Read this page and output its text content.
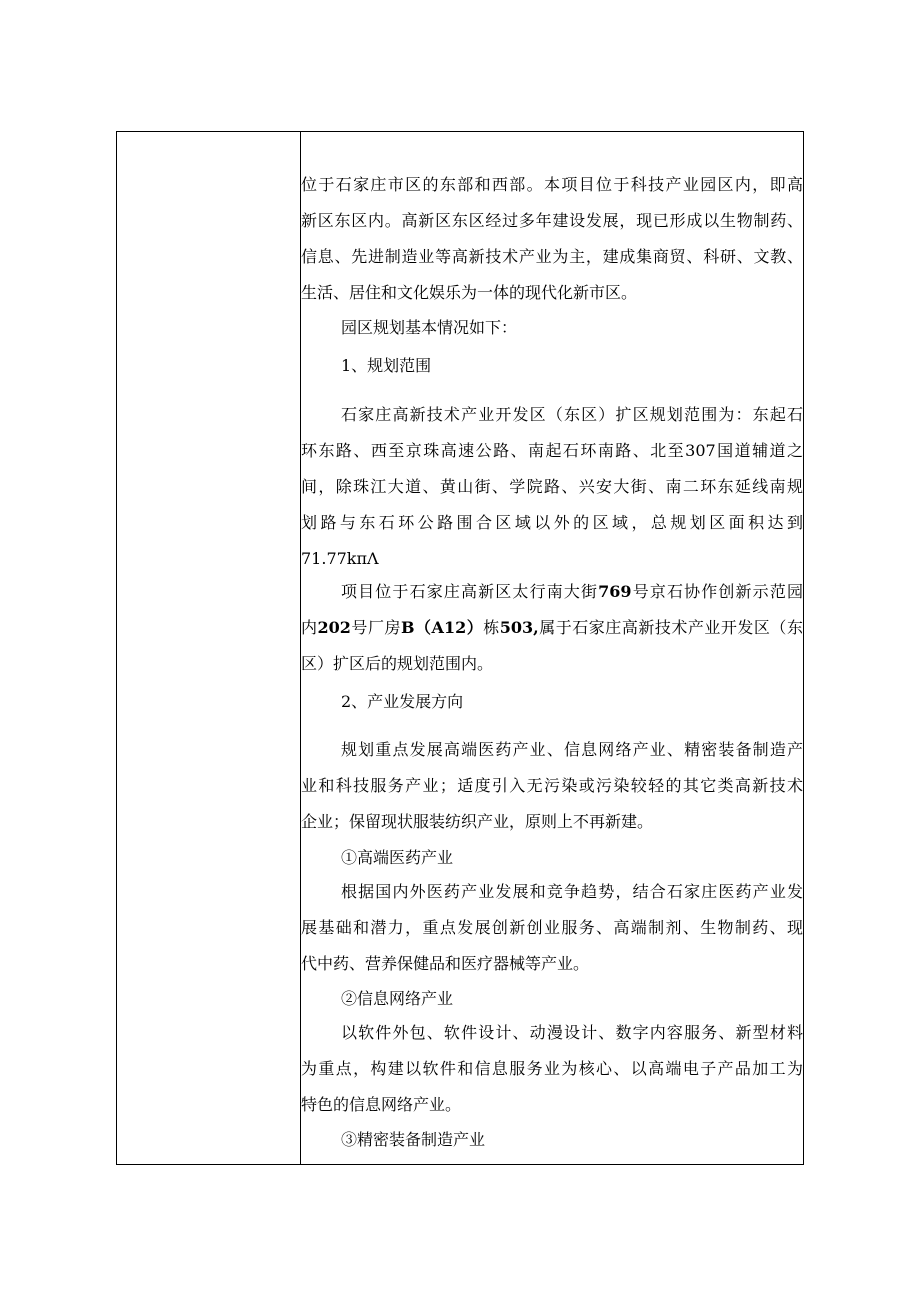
位于石家庄市区的东部和西部。本项目位于科技产业园区内，即高
新区东区内。高新区东区经过多年建设发展，现已形成以生物制药、
信息、先进制造业等高新技术产业为主，建成集商贸、科研、文教、
生活、居住和文化娱乐为一体的现代化新市区。
园区规划基本情况如下：
1、规划范围
石家庄高新技术产业开发区（东区）扩区规划范围为：东起石
环东路、西至京珠高速公路、南起石环南路、北至307国道辅道之
间，除珠江大道、黄山街、学院路、兴安大街、南二环东延线南规
划路与东石环公路围合区域以外的区域，总规划区面积达到
71.77kπΛ
项目位于石家庄高新区太行南大街769号京石协作创新示范园
内202号厂房B（A12）栋503,属于石家庄高新技术产业开发区（东
区）扩区后的规划范围内。
2、产业发展方向
规划重点发展高端医药产业、信息网络产业、精密装备制造产
业和科技服务产业；适度引入无污染或污染较轻的其它类高新技术
企业；保留现状服装纺织产业，原则上不再新建。
①高端医药产业
根据国内外医药产业发展和竞争趋势，结合石家庄医药产业发
展基础和潜力，重点发展创新创业服务、高端制剂、生物制药、现
代中药、营养保健品和医疗器械等产业。
②信息网络产业
以软件外包、软件设计、动漫设计、数字内容服务、新型材料
为重点，构建以软件和信息服务业为核心、以高端电子产品加工为
特色的信息网络产业。
③精密装备制造产业
